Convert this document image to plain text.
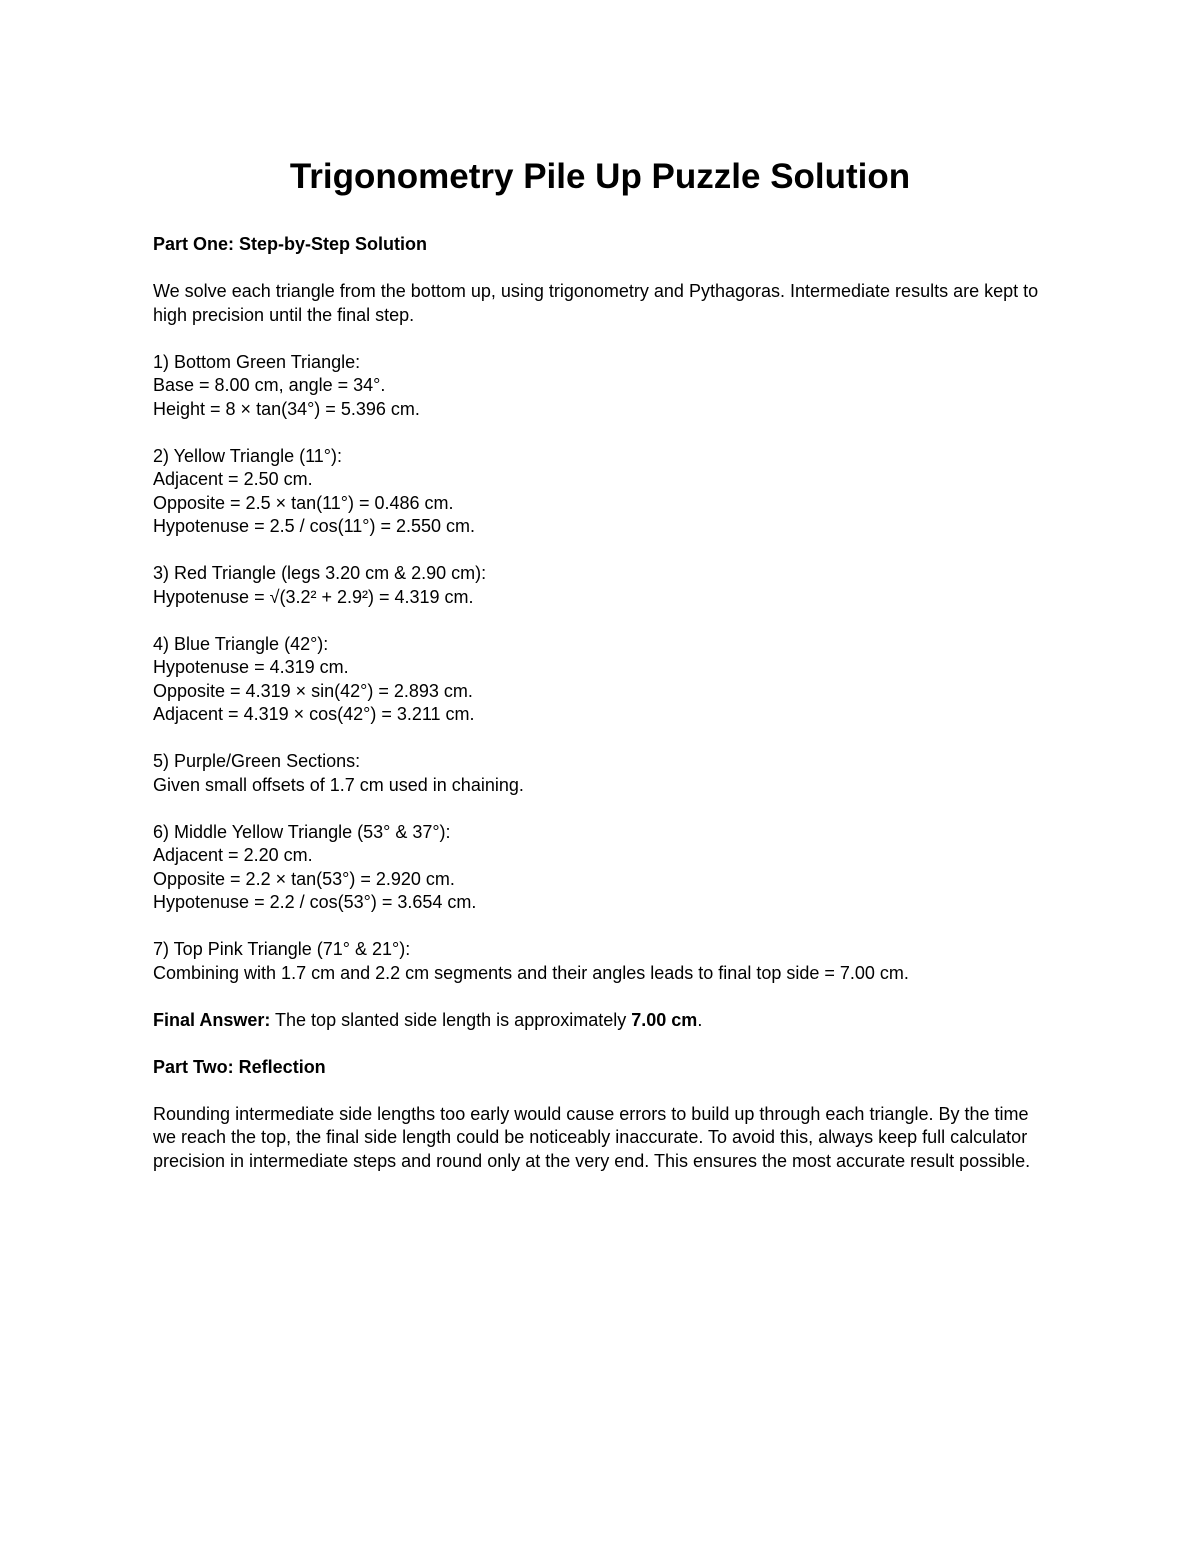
Trigonometry Pile Up Puzzle Solution

Part One: Step-by-Step Solution

We solve each triangle from the bottom up, using trigonometry and Pythagoras. Intermediate results are kept to high precision until the final step.

1) Bottom Green Triangle:
Base = 8.00 cm, angle = 34°.
Height = 8 × tan(34°) = 5.396 cm.

2) Yellow Triangle (11°):
Adjacent = 2.50 cm.
Opposite = 2.5 × tan(11°) = 0.486 cm.
Hypotenuse = 2.5 / cos(11°) = 2.550 cm.

3) Red Triangle (legs 3.20 cm & 2.90 cm):
Hypotenuse = √(3.2² + 2.9²) = 4.319 cm.

4) Blue Triangle (42°):
Hypotenuse = 4.319 cm.
Opposite = 4.319 × sin(42°) = 2.893 cm.
Adjacent = 4.319 × cos(42°) = 3.211 cm.

5) Purple/Green Sections:
Given small offsets of 1.7 cm used in chaining.

6) Middle Yellow Triangle (53° & 37°):
Adjacent = 2.20 cm.
Opposite = 2.2 × tan(53°) = 2.920 cm.
Hypotenuse = 2.2 / cos(53°) = 3.654 cm.

7) Top Pink Triangle (71° & 21°):
Combining with 1.7 cm and 2.2 cm segments and their angles leads to final top side = 7.00 cm.

Final Answer: The top slanted side length is approximately 7.00 cm.

Part Two: Reflection

Rounding intermediate side lengths too early would cause errors to build up through each triangle. By the time we reach the top, the final side length could be noticeably inaccurate. To avoid this, always keep full calculator precision in intermediate steps and round only at the very end. This ensures the most accurate result possible.
